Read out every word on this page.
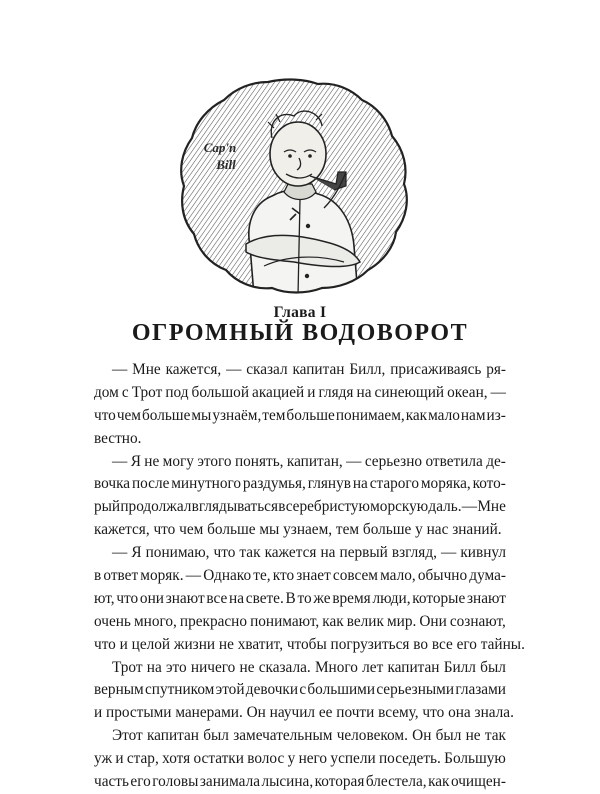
Cap'n
Bill
Глава I
ОГРОМНЫЙ ВОДОВОРОТ
— Мне кажется, — сказал капитан Билл, присаживаясь ря-
дом с Трот под большой акацией и глядя на синеющий океан, —
что чем больше мы узнаём, тем больше понимаем, как мало нам из-
вестно.
— Я не могу этого понять, капитан, — серьезно ответила де-
вочка после минутного раздумья, глянув на старого моряка, кото-
рый продолжал вглядываться в серебристую морскую даль. — Мне
кажется, что чем больше мы узнаем, тем больше у нас знаний.
— Я понимаю, что так кажется на первый взгляд, — кивнул
в ответ моряк. — Однако те, кто знает совсем мало, обычно дума-
ют, что они знают все на свете. В то же время люди, которые знают
очень много, прекрасно понимают, как велик мир. Они сознают,
что и целой жизни не хватит, чтобы погрузиться во все его тайны.
Трот на это ничего не сказала. Много лет капитан Билл был
верным спутником этой девочки с большими серьезными глазами
и простыми манерами. Он научил ее почти всему, что она знала.
Этот капитан был замечательным человеком. Он был не так
уж и стар, хотя остатки волос у него успели поседеть. Большую
часть его головы занимала лысина, которая блестела, как очищен-
